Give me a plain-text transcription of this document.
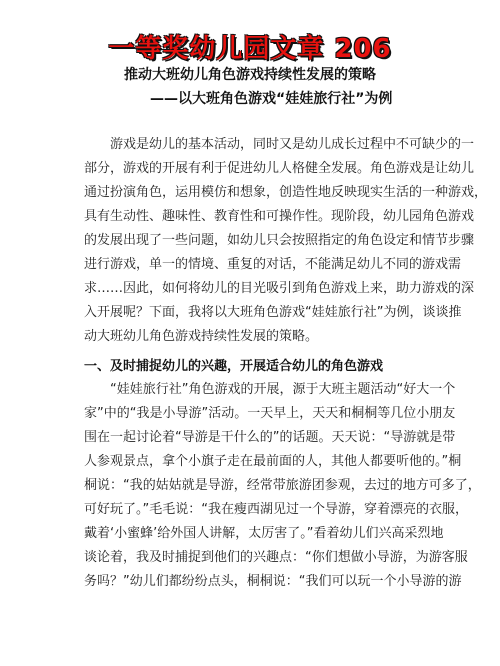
一等奖幼儿园文章 206
推动大班幼儿角色游戏持续性发展的策略
——以大班角色游戏“娃娃旅行社”为例
游戏是幼儿的基本活动，同时又是幼儿成长过程中不可缺少的一
部分，游戏的开展有利于促进幼儿人格健全发展。角色游戏是让幼儿
通过扮演角色，运用模仿和想象，创造性地反映现实生活的一种游戏，
具有生动性、趣味性、教育性和可操作性。现阶段，幼儿园角色游戏
的发展出现了一些问题，如幼儿只会按照指定的角色设定和情节步骤
进行游戏，单一的情境、重复的对话，不能满足幼儿不同的游戏需
求……因此，如何将幼儿的目光吸引到角色游戏上来，助力游戏的深
入开展呢？下面，我将以大班角色游戏“娃娃旅行社”为例，谈谈推
动大班幼儿角色游戏持续性发展的策略。
一、及时捕捉幼儿的兴趣，开展适合幼儿的角色游戏
“娃娃旅行社”角色游戏的开展，源于大班主题活动“好大一个
家”中的“我是小导游”活动。一天早上，天天和桐桐等几位小朋友
围在一起讨论着“导游是干什么的”的话题。天天说：“导游就是带
人参观景点，拿个小旗子走在最前面的人，其他人都要听他的。”桐
桐说：“我的姑姑就是导游，经常带旅游团参观，去过的地方可多了，
可好玩了。”毛毛说：“我在瘦西湖见过一个导游，穿着漂亮的衣服，
戴着‘小蜜蜂’给外国人讲解，太厉害了。”看着幼儿们兴高采烈地
谈论着，我及时捕捉到他们的兴趣点：“你们想做小导游，为游客服
务吗？”幼儿们都纷纷点头，桐桐说：“我们可以玩一个小导游的游
